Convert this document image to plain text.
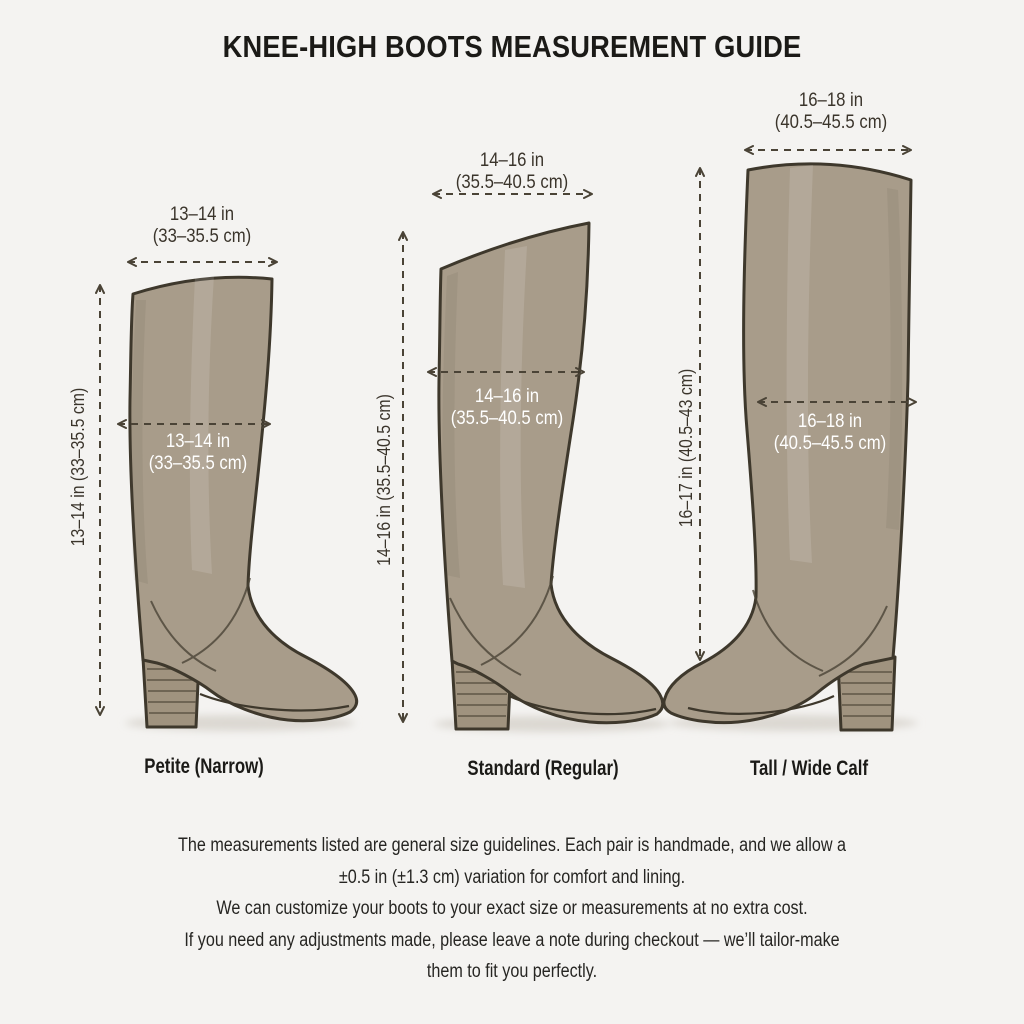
KNEE-HIGH BOOTS MEASUREMENT GUIDE
13–14 in
(33–35.5 cm)
14–16 in
(35.5–40.5 cm)
16–18 in
(40.5–45.5 cm)
13–14 in (33–35.5 cm)	14–16 in (35.5–40.5 cm)	16–17 in (40.5–43 cm)
13–14 in
(33–35.5 cm)
14–16 in
(35.5–40.5 cm)	16–18 in
(40.5–45.5 cm)
Petite (Narrow)	Standard (Regular)	Tall / Wide Calf
The measurements listed are general size guidelines. Each pair is handmade, and we allow a
±0.5 in (±1.3 cm) variation for comfort and lining.
We can customize your boots to your exact size or measurements at no extra cost.
If you need any adjustments made, please leave a note during checkout — we’ll tailor-make
them to fit you perfectly.
